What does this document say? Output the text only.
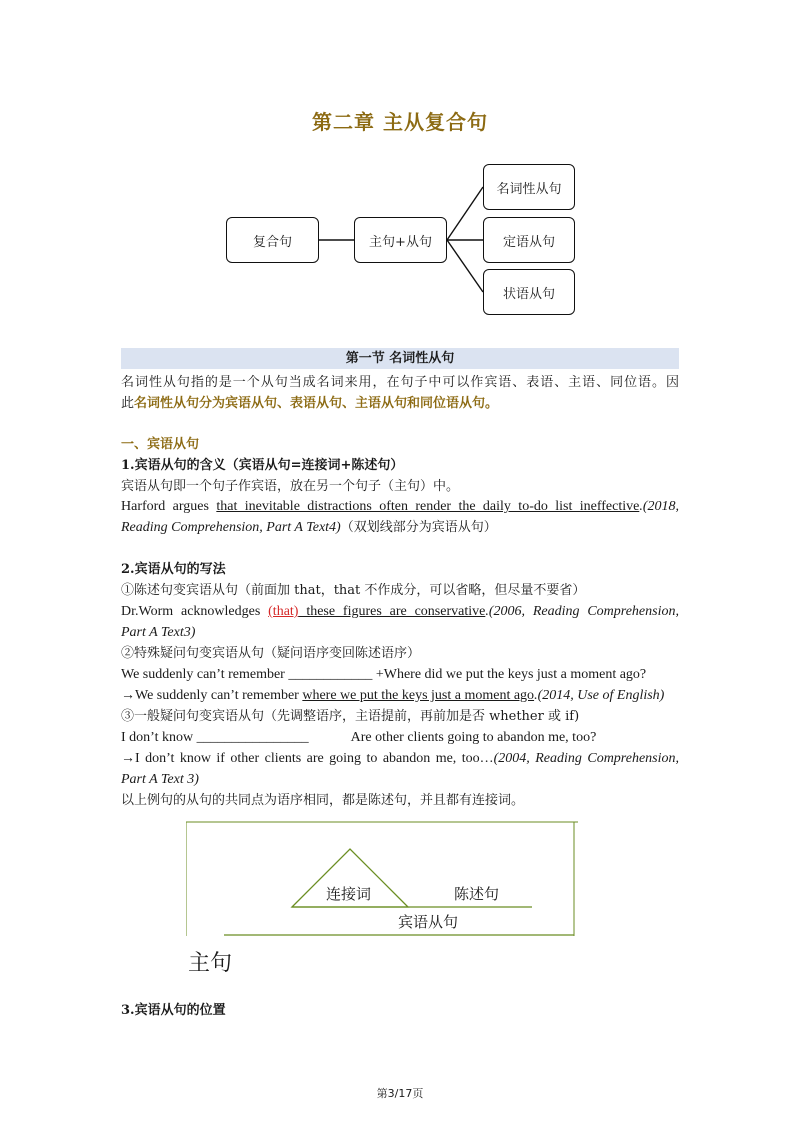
第二章 主从复合句
复合句	主句+从句
名词性从句
定语从句
状语从句
第一节 名词性从句
名词性从句指的是一个从句当成名词来用，在句子中可以作宾语、表语、主语、同位语。因
此名词性从句分为宾语从句、表语从句、主语从句和同位语从句。
一、宾语从句
1.宾语从句的含义（宾语从句=连接词+陈述句）
宾语从句即一个句子作宾语，放在另一个句子（主句）中。
Harford argues that inevitable distractions often render the daily to-do list ineffective.(2018,
Reading Comprehension, Part A Text4)（双划线部分为宾语从句）
2.宾语从句的写法
①陈述句变宾语从句（前面加 that，that 不作成分，可以省略，但尽量不要省）
Dr.Worm acknowledges (that) these figures are conservative.(2006, Reading Comprehension,
Part A Text3)
②特殊疑问句变宾语从句（疑问语序变回陈述语序）
We suddenly can’t remember ____________ +Where did we put the keys just a moment ago?
→We suddenly can’t remember where we put the keys just a moment ago.(2014, Use of English)
③一般疑问句变宾语从句（先调整语序，主语提前，再前加是否 whether 或 if)
I don’t know ________________	Are other clients going to abandon me, too?
→I don’t know if other clients are going to abandon me, too…(2004, Reading Comprehension,
Part A Text 3)
以上例句的从句的共同点为语序相同，都是陈述句，并且都有连接词。
连接词	陈述句
宾语从句
主句
3.宾语从句的位置
第3/17页
